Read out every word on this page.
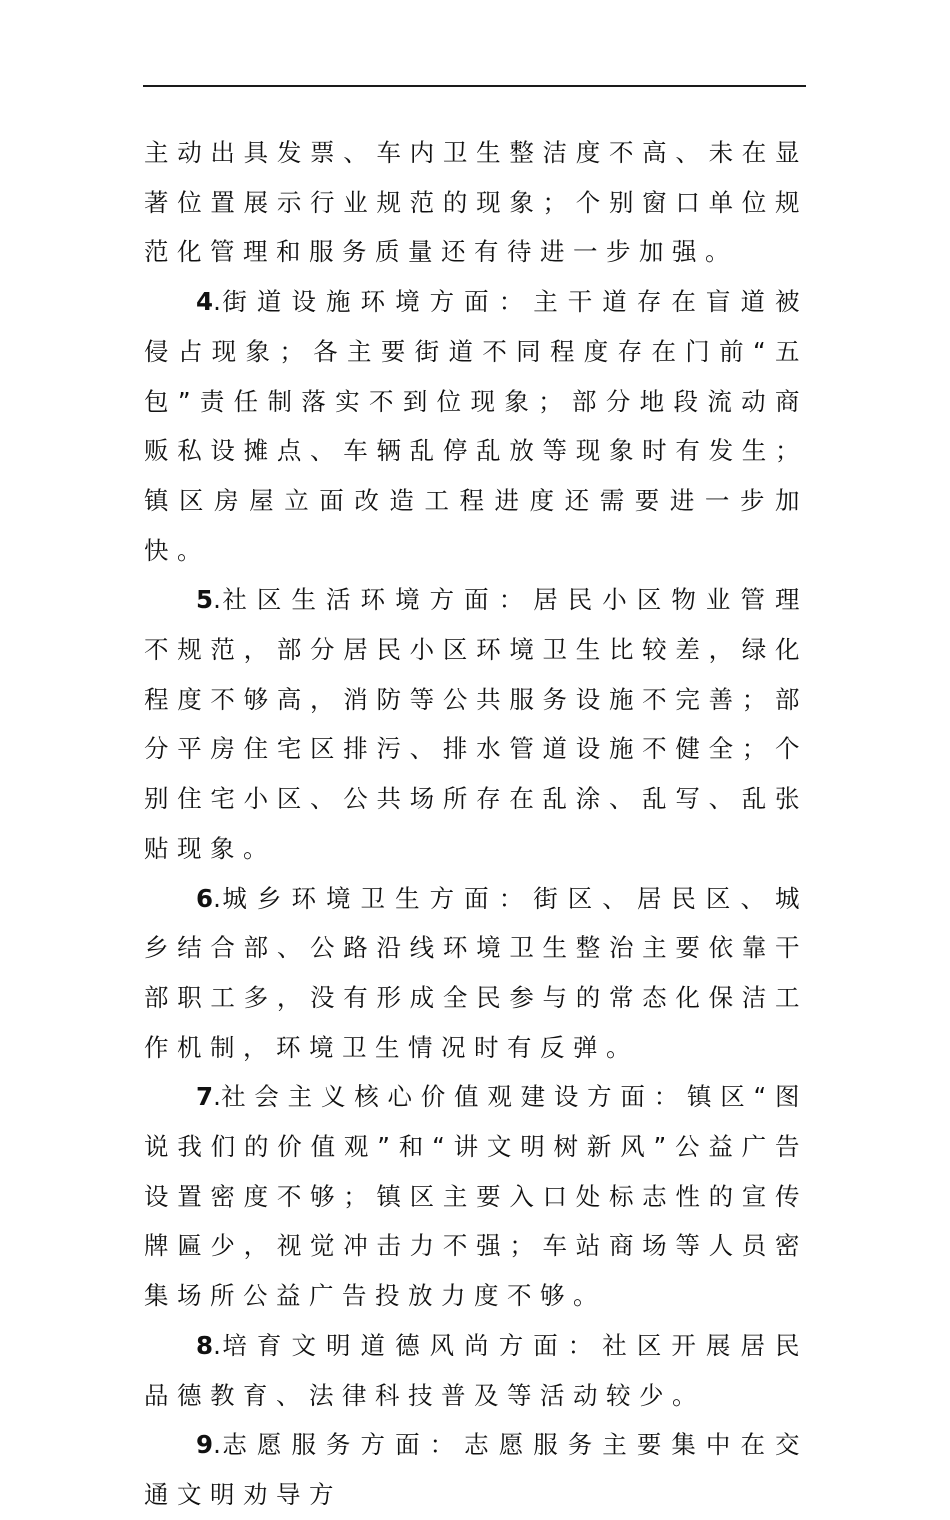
主动出具发票、车内卫生整洁度不高、未在显著位置展示行业规范的现象；个别窗口单位规范化管理和服务质量还有待进一步加强。

4.街道设施环境方面：主干道存在盲道被侵占现象；各主要街道不同程度存在门前“五包”责任制落实不到位现象；部分地段流动商贩私设摊点、车辆乱停乱放等现象时有发生；镇区房屋立面改造工程进度还需要进一步加快。

5.社区生活环境方面：居民小区物业管理不规范，部分居民小区环境卫生比较差，绿化程度不够高，消防等公共服务设施不完善；部分平房住宅区排污、排水管道设施不健全；个别住宅小区、公共场所存在乱涂、乱写、乱张贴现象。

6.城乡环境卫生方面：街区、居民区、城乡结合部、公路沿线环境卫生整治主要依靠干部职工多，没有形成全民参与的常态化保洁工作机制，环境卫生情况时有反弹。

7.社会主义核心价值观建设方面：镇区“图说我们的价值观”和“讲文明树新风”公益广告设置密度不够；镇区主要入口处标志性的宣传牌匾少，视觉冲击力不强；车站商场等人员密集场所公益广告投放力度不够。

8.培育文明道德风尚方面：社区开展居民品德教育、法律科技普及等活动较少。

9.志愿服务方面：志愿服务主要集中在交通文明劝导方
